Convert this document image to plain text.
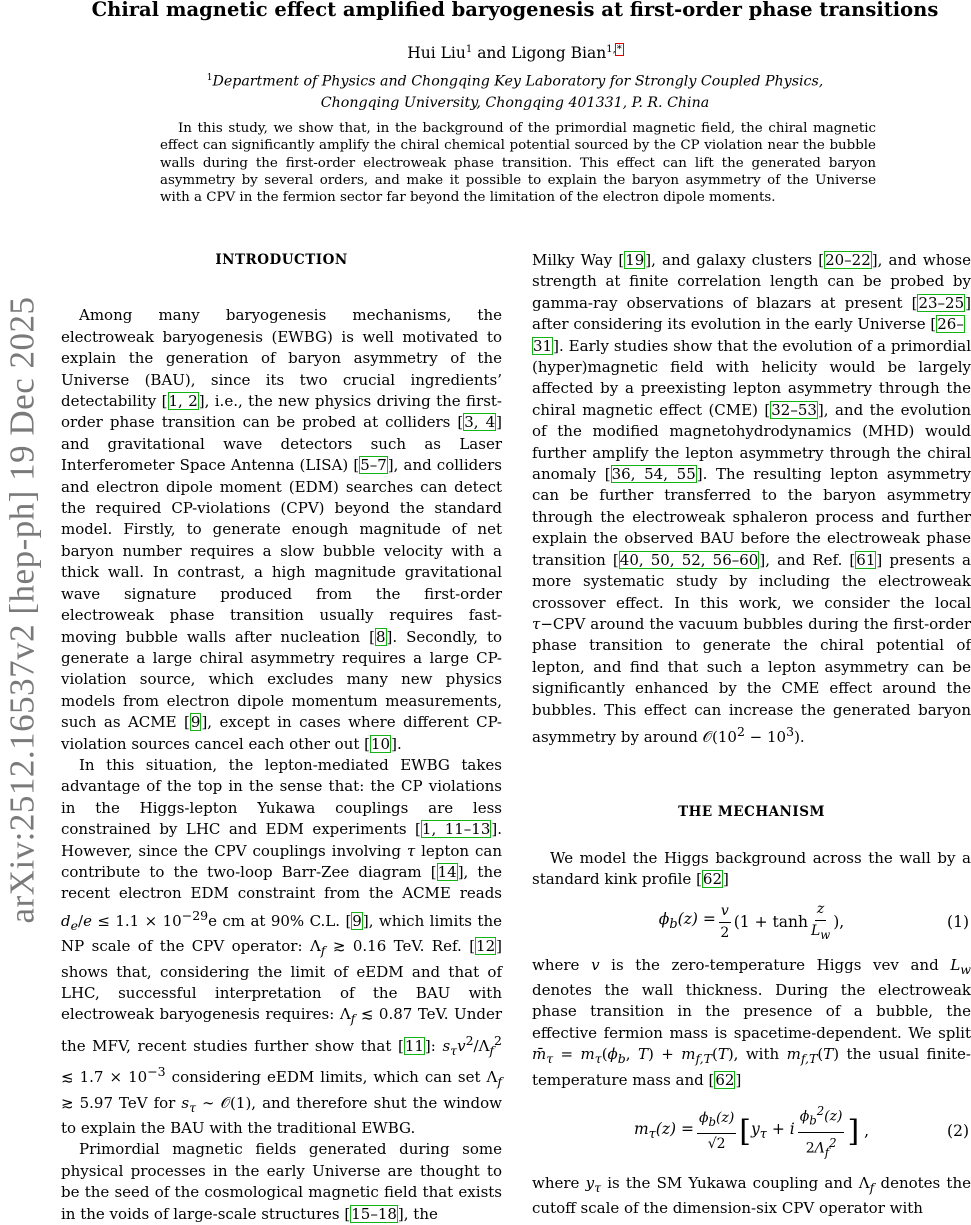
arXiv:2512.16537v2 [hep-ph] 19 Dec 2025
Chiral magnetic effect amplified baryogenesis at first-order phase transitions
Hui Liu$^1$ and Ligong Bian$^{1,*}$
$^1$Department of Physics and Chongqing Key Laboratory for Strongly Coupled Physics,
Chongqing University, Chongqing 401331, P. R. China
In this study, we show that, in the background of the primordial magnetic field, the chiral magnetic effect can significantly amplify the chiral chemical potential sourced by the CP violation near the bubble walls during the first-order electroweak phase transition. This effect can lift the generated baryon asymmetry by several orders, and make it possible to explain the baryon asymmetry of the Universe with a CPV in the fermion sector far beyond the limitation of the electron dipole moments.
INTRODUCTION

Among many baryogenesis mechanisms, the electroweak baryogenesis (EWBG) is well motivated to explain the generation of baryon asymmetry of the Universe (BAU), since its two crucial ingredients’ detectability [1, 2], i.e., the new physics driving the first-order phase transition can be probed at colliders [3, 4] and gravitational wave detectors such as Laser Interferometer Space Antenna (LISA) [5–7], and colliders and electron dipole moment (EDM) searches can detect the required CP-violations (CPV) beyond the standard model. Firstly, to generate enough magnitude of net baryon number requires a slow bubble velocity with a thick wall. In contrast, a high magnitude gravitational wave signature produced from the first-order electroweak phase transition usually requires fast-moving bubble walls after nucleation [8]. Secondly, to generate a large chiral asymmetry requires a large CP-violation source, which excludes many new physics models from electron dipole momentum measurements, such as ACME [9], except in cases where different CP-violation sources cancel each other out [10].

In this situation, the lepton-mediated EWBG takes advantage of the top in the sense that: the CP violations in the Higgs-lepton Yukawa couplings are less constrained by LHC and EDM experiments [1, 11–13]. However, since the CPV couplings involving τ lepton can contribute to the two-loop Barr-Zee diagram [14], the recent electron EDM constraint from the ACME reads $d_e/e \le 1.1 \times 10^{-29}e$ cm at 90% C.L. [9], which limits the NP scale of the CPV operator: $\Lambda_f$ ≳ 0.16 TeV. Ref. [12] shows that, considering the limit of eEDM and that of LHC, successful interpretation of the BAU with electroweak baryogenesis requires: $\Lambda_f$ ≲ 0.87 TeV. Under the MFV, recent studies further show that [11]: $s_\tau v^2/\Lambda_f^2$ ≲ $1.7 \times 10^{-3}$ considering eEDM limits, which can set $\Lambda_f$ ≳ 5.97 TeV for $s_\tau$ ∼ 𝒪(1), and therefore shut the window to explain the BAU with the traditional EWBG.

Primordial magnetic fields generated during some physical processes in the early Universe are thought to be the seed of the cosmological magnetic field that exists in the voids of large-scale structures [15–18], the

Milky Way [19], and galaxy clusters [20–22], and whose strength at finite correlation length can be probed by gamma-ray observations of blazars at present [23–25] after considering its evolution in the early Universe [26–
31]. Early studies show that the evolution of a primordial (hyper)magnetic field with helicity would be largely affected by a preexisting lepton asymmetry through the chiral magnetic effect (CME) [32–53], and the evolution of the modified magnetohydrodynamics (MHD) would further amplify the lepton asymmetry through the chiral anomaly [36, 54, 55]. The resulting lepton asymmetry can be further transferred to the baryon asymmetry through the electroweak sphaleron process and further explain the observed BAU before the electroweak phase transition [40, 50, 52, 56–60], and Ref. [61] presents a more systematic study by including the electroweak crossover effect. In this work, we consider the local τ−CPV around the vacuum bubbles during the first-order phase transition to generate the chiral potential of lepton, and find that such a lepton asymmetry can be significantly enhanced by the CME effect around the bubbles. This effect can increase the generated baryon asymmetry by around $𝒪(10^2 - 10^3)$.

THE MECHANISM

We model the Higgs background across the wall by a standard kink profile [62]

$\phi_b(z) = \frac{v}{2} (1 + \tanh \frac{z}{L_w}$ ),	(1)

where v is the zero-temperature Higgs vev and $L_w$ denotes the wall thickness. During the electroweak phase transition in the presence of a bubble, the effective fermion mass is spacetime-dependent. We split $m̄_\tau = m_\tau(\phi_b$, $T) + m_{f,T}(T)$, with $m_{f,T}(T)$ the usual finite-temperature mass and [62]

$m_\tau(z) = \frac{\phi_b(z)}{√2}$ [ $y_\tau + i \frac{\phi_b^2(z)}{2\Lambda_f^2}$ ] ,	(2)

where $y_\tau$ is the SM Yukawa coupling and $\Lambda_f$ denotes the cutoff scale of the dimension-six CPV operator with
